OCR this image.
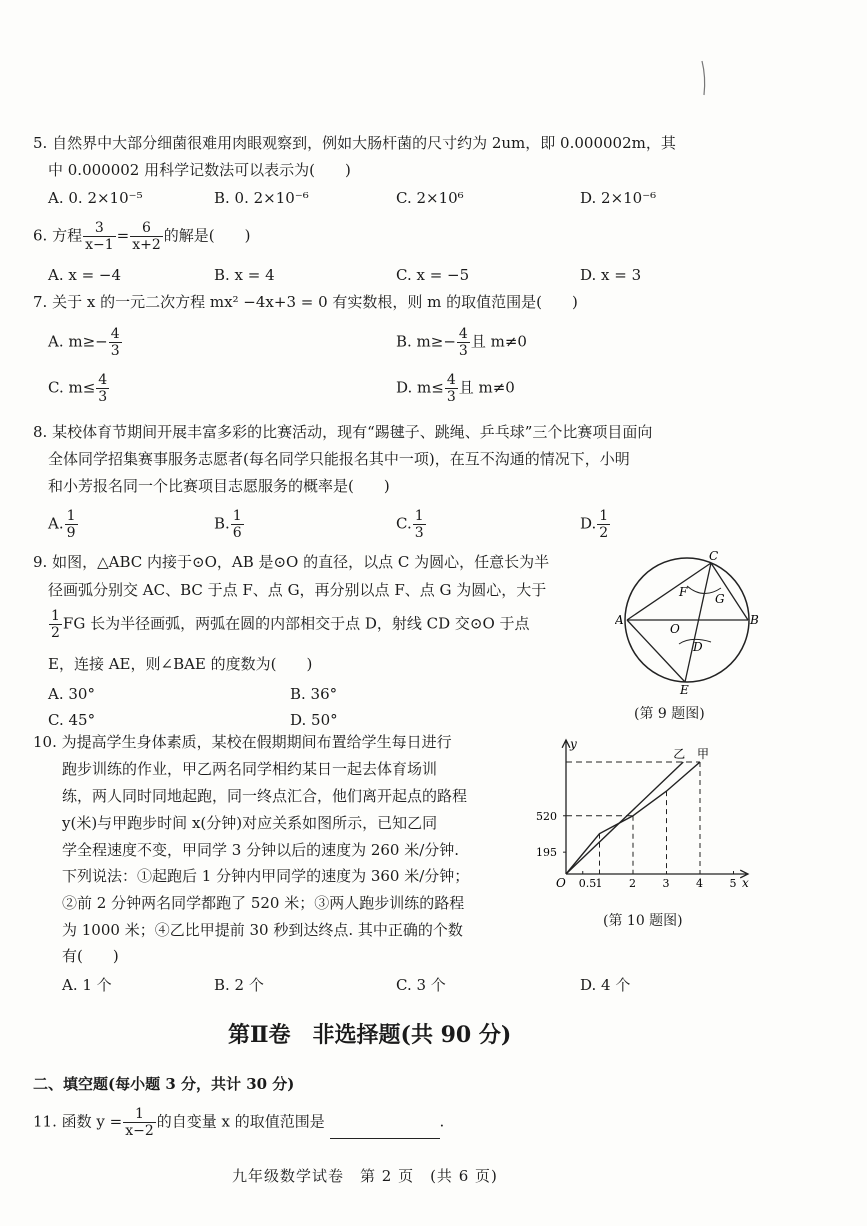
5. 自然界中大部分细菌很难用肉眼观察到，例如大肠杆菌的尺寸约为 2um，即 0.000002m，其
中 0.000002 用科学记数法可以表示为(　　)
A. 0. 2×10⁻⁵	B. 0. 2×10⁻⁶	C. 2×10⁶	D. 2×10⁻⁶
6. 方程 $\frac{3}{x-1} = \frac{6}{x+2}$ 的解是(　　)
A. x = −4	B. x = 4	C. x = −5	D. x = 3
7. 关于 x 的一元二次方程 mx² −4x+3 = 0 有实数根，则 m 的取值范围是(　　)
A. $m\ge- \frac{4}{3}$	B. $m\ge- \frac{4}{3}$ 且 m≠0
C. $m\le \frac{4}{3}$	D. $m\le \frac{4}{3}$ 且 m≠0
8. 某校体育节期间开展丰富多彩的比赛活动，现有“踢毽子、跳绳、乒乓球”三个比赛项目面向
全体同学招集赛事服务志愿者(每名同学只能报名其中一项)，在互不沟通的情况下，小明
和小芳报名同一个比赛项目志愿服务的概率是(　　)
A. $\frac{1}{9}$	B. $\frac{1}{6}$	C. $\frac{1}{3}$	D. $\frac{1}{2}$
9. 如图，△ABC 内接于⊙O，AB 是⊙O 的直径，以点 C 为圆心，任意长为半
径画弧分别交 AC、BC 于点 F、点 G，再分别以点 F、点 G 为圆心，大于
$\frac{1}{2}$ FG 长为半径画弧，两弧在圆的内部相交于点 D，射线 CD 交⊙O 于点
E，连接 AE，则∠BAE 的度数为(　　)
A. 30°	B. 36°
C. 45°	D. 50°
A	B
C
O
F G
D
E
(第 9 题图)
10. 为提高学生身体素质，某校在假期期间布置给学生每日进行
跑步训练的作业，甲乙两名同学相约某日一起去体育场训
练，两人同时同地起跑，同一终点汇合，他们离开起点的路程
y(米)与甲跑步时间 x(分钟)对应关系如图所示，已知乙同
学全程速度不变，甲同学 3 分钟以后的速度为 260 米/分钟.
下列说法：①起跑后 1 分钟内甲同学的速度为 360 米/分钟；
②前 2 分钟两名同学都跑了 520 米；③两人跑步训练的路程
为 1000 米；④乙比甲提前 30 秒到达终点. 其中正确的个数
有(　　)
A. 1 个	B. 2 个	C. 3 个	D. 4 个
y
x
O 0.5 1 2 3 4 5
195
520
乙 甲
(第 10 题图)
第Ⅱ卷　非选择题(共 90 分)
二、填空题(每小题 3 分，共计 30 分)
11. 函数 $y = \frac{1}{x-2}$ 的自变量 x 的取值范围是	.
九年级数学试卷　第 2 页　(共 6 页)
